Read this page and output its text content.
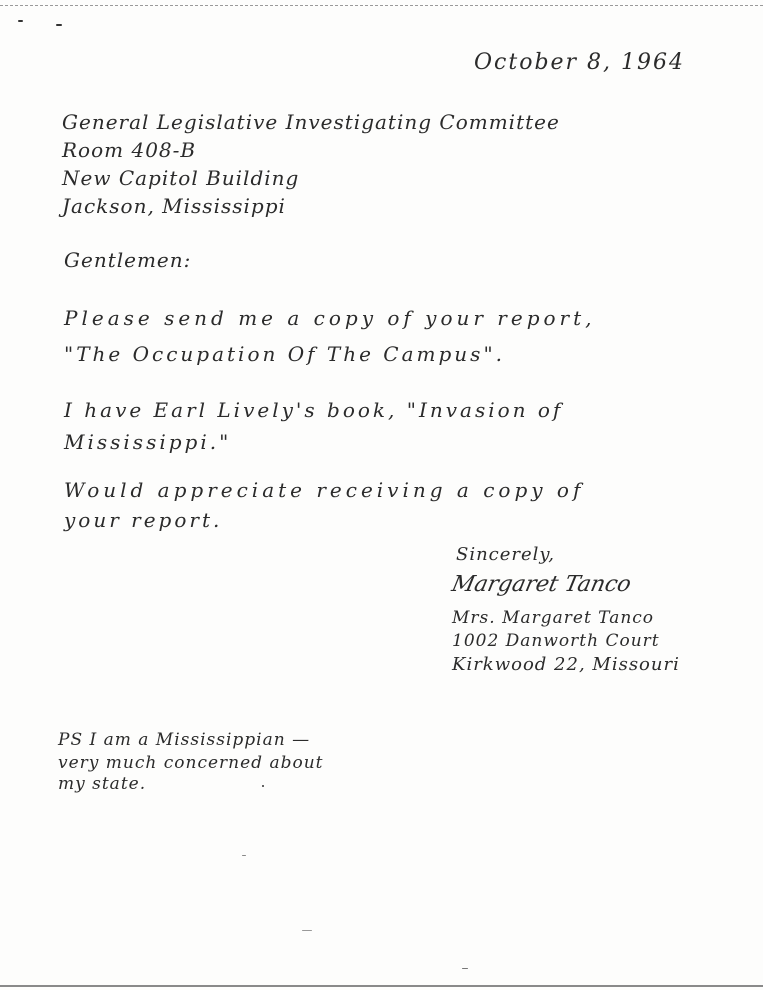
October 8, 1964
General Legislative Investigating Committee
Room 408-B
New Capitol Building
Jackson, Mississippi
Gentlemen:
Please send me a copy of your report,
"The Occupation Of The Campus".
I have Earl Lively's book, "Invasion of
Mississippi."
Would appreciate receiving a copy of
your report.
Sincerely,
Margaret Tanco
Mrs. Margaret Tanco
1002 Danworth Court
Kirkwood 22, Missouri
PS I am a Mississippian —
very much concerned about
my state.
